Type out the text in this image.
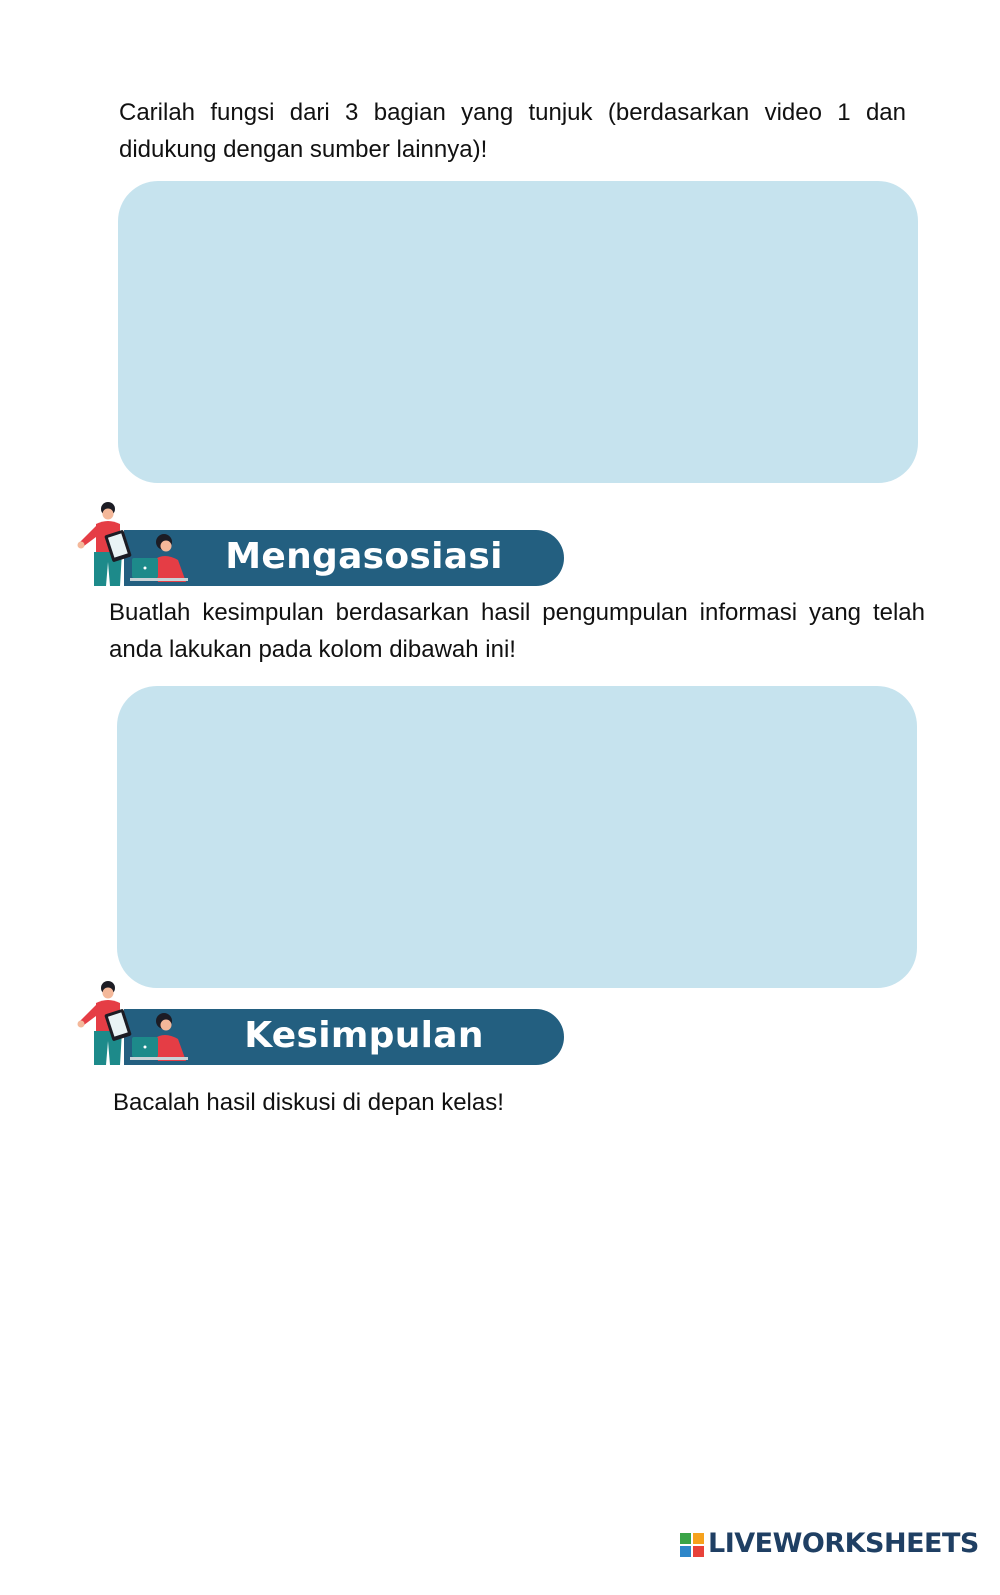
Carilah fungsi dari 3 bagian yang tunjuk (berdasarkan video 1 dan didukung dengan sumber lainnya)!

Mengasosiasi

Buatlah kesimpulan berdasarkan hasil pengumpulan informasi yang telah anda lakukan pada kolom dibawah ini!

Kesimpulan

Bacalah hasil diskusi di depan kelas!

LIVEWORKSHEETS
